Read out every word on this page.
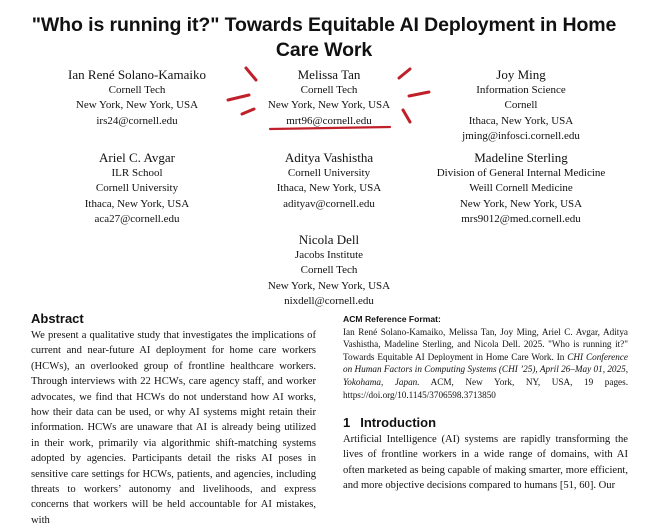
"Who is running it?" Towards Equitable AI Deployment in Home Care Work
Ian René Solano-Kamaiko
Cornell Tech
New York, New York, USA
irs24@cornell.edu
Melissa Tan
Cornell Tech
New York, New York, USA
mrt96@cornell.edu
Joy Ming
Information Science
Cornell
Ithaca, New York, USA
jming@infosci.cornell.edu
Ariel C. Avgar
ILR School
Cornell University
Ithaca, New York, USA
aca27@cornell.edu
Aditya Vashistha
Cornell University
Ithaca, New York, USA
adityav@cornell.edu
Madeline Sterling
Division of General Internal Medicine
Weill Cornell Medicine
New York, New York, USA
mrs9012@med.cornell.edu
Nicola Dell
Jacobs Institute
Cornell Tech
New York, New York, USA
nixdell@cornell.edu
Abstract
We present a qualitative study that investigates the implications of current and near-future AI deployment for home care workers (HCWs), an overlooked group of frontline healthcare workers. Through interviews with 22 HCWs, care agency staff, and worker advocates, we find that HCWs do not understand how AI works, how their data can be used, or why AI systems might retain their information. HCWs are unaware that AI is already being utilized in their work, primarily via algorithmic shift-matching systems adopted by agencies. Participants detail the risks AI poses in sensitive care settings for HCWs, patients, and agencies, including threats to workers’ autonomy and livelihoods, and express concerns that workers will be held accountable for AI mistakes, with
ACM Reference Format:
Ian René Solano-Kamaiko, Melissa Tan, Joy Ming, Ariel C. Avgar, Aditya Vashistha, Madeline Sterling, and Nicola Dell. 2025. "Who is running it?" Towards Equitable AI Deployment in Home Care Work. In CHI Conference on Human Factors in Computing Systems (CHI ’25), April 26–May 01, 2025, Yokohama, Japan. ACM, New York, NY, USA, 19 pages. https://doi.org/10.1145/3706598.3713850
1 Introduction
Artificial Intelligence (AI) systems are rapidly transforming the lives of frontline workers in a wide range of domains, with AI often marketed as being capable of making smarter, more efficient, and more objective decisions compared to humans [51, 60]. Our
